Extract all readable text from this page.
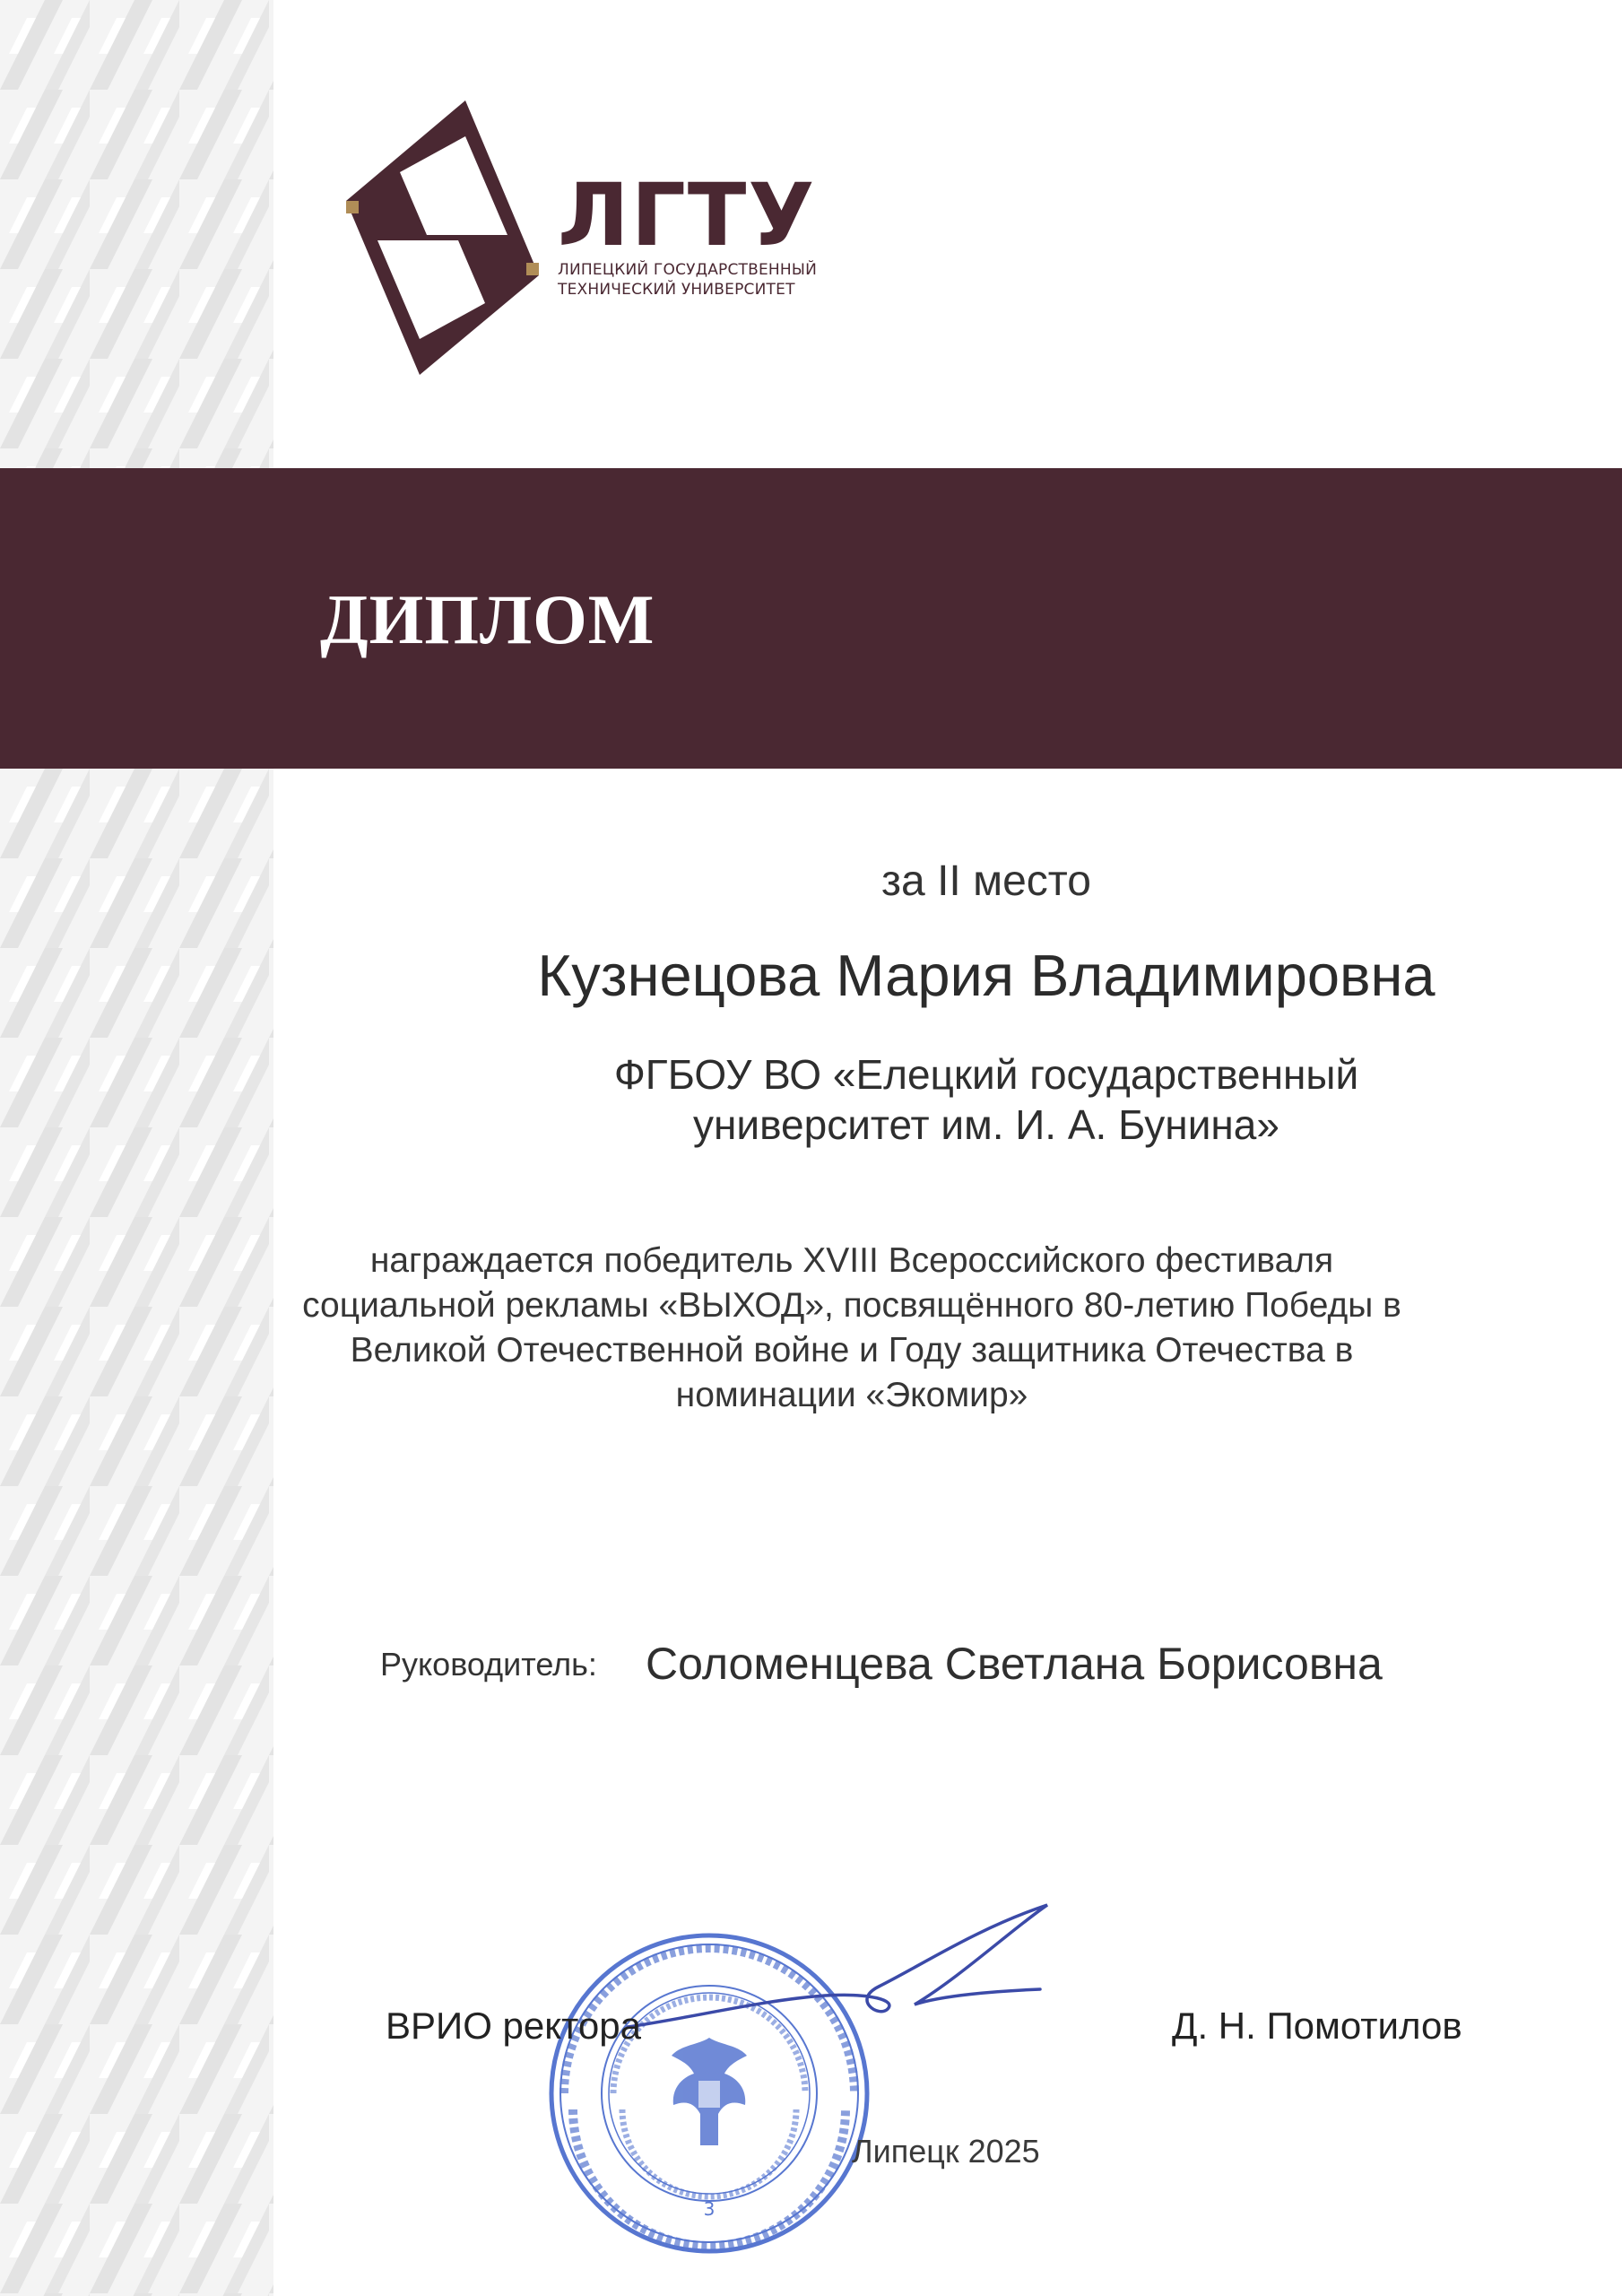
ЛГТУ
ЛИПЕЦКИЙ ГОСУДАРСТВЕННЫЙ
ТЕХНИЧЕСКИЙ УНИВЕРСИТЕТ
ДИПЛОМ
за II место
Кузнецова Мария Владимировна
ФГБОУ ВО «Елецкий государственный
университет им. И. А. Бунина»
награждается победитель XVIII Всероссийского фестиваля
социальной рекламы «ВЫХОД», посвящённого 80-летию Победы в
Великой Отечественной войне и Году защитника Отечества в
номинации «Экомир»
Руководитель: Соломенцева Светлана Борисовна
3
ВРИО ректора	Д. Н. Помотилов
Липецк 2025
